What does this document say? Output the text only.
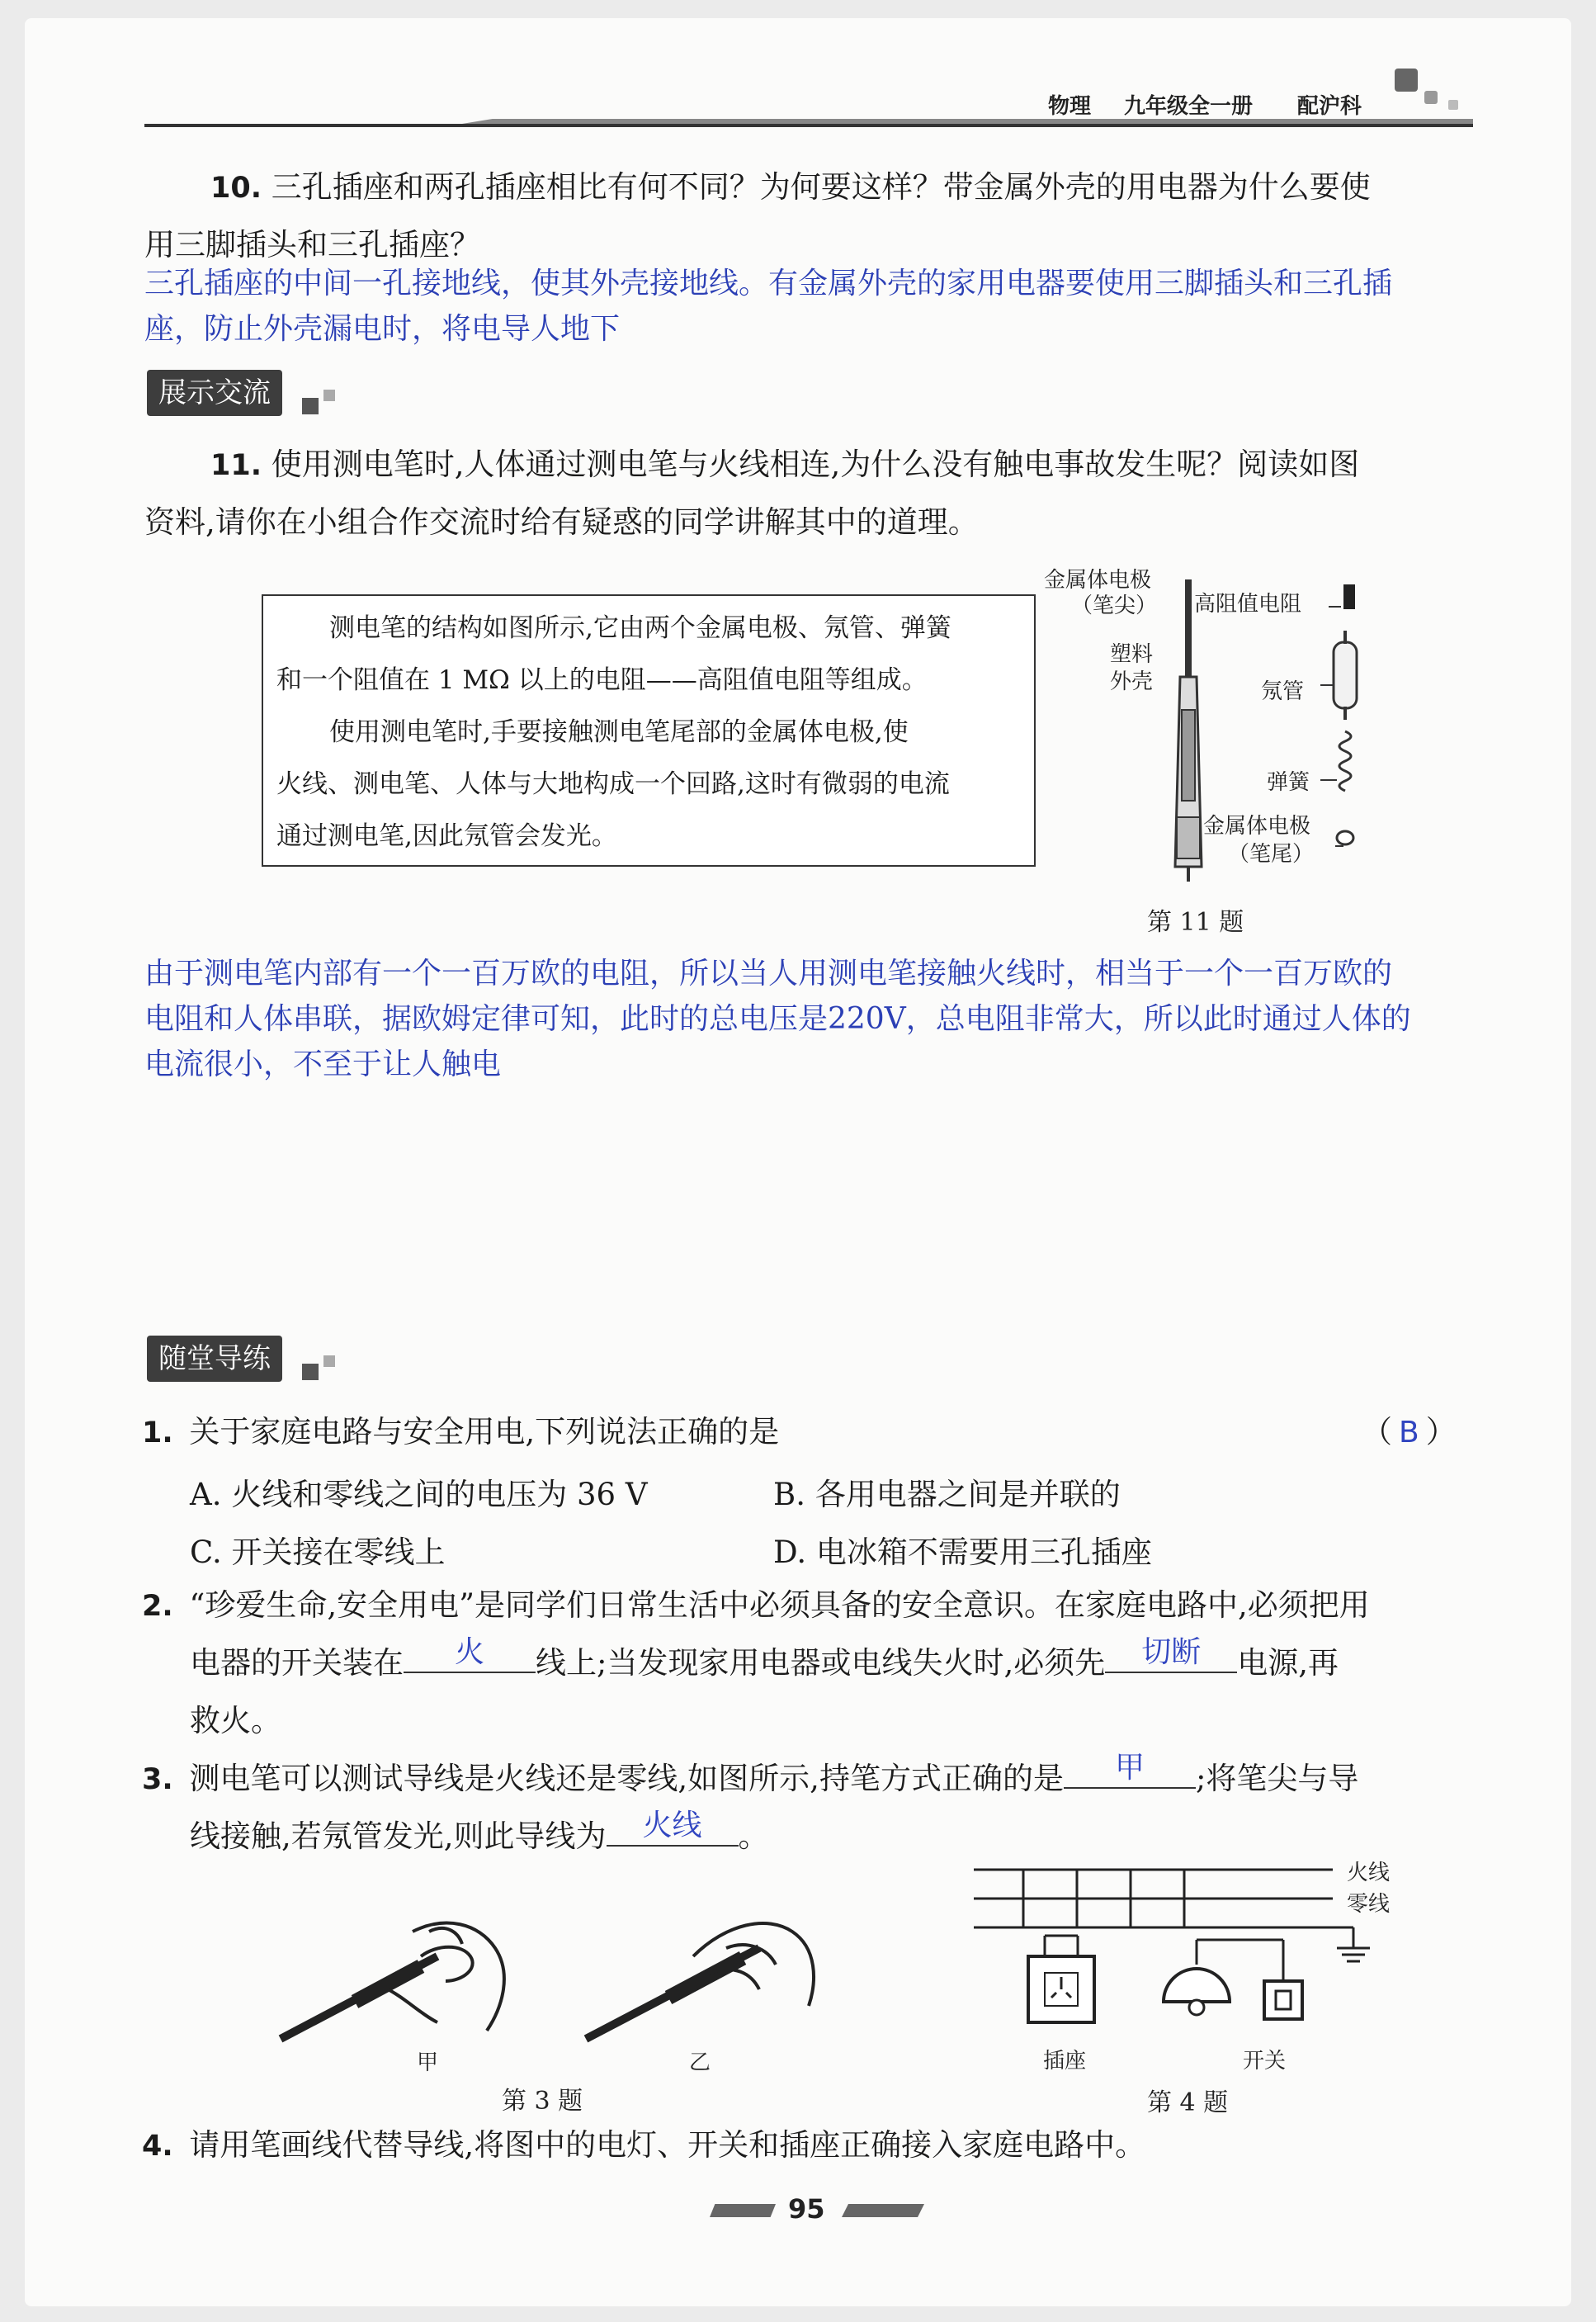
物理 九年级全一册 配沪科
10. 三孔插座和两孔插座相比有何不同？为何要这样？带金属外壳的用电器为什么要使
用三脚插头和三孔插座？
三孔插座的中间一孔接地线，使其外壳接地线。有金属外壳的家用电器要使用三脚插头和三孔插
座，防止外壳漏电时，将电导人地下
展示交流
11. 使用测电笔时,人体通过测电笔与火线相连,为什么没有触电事故发生呢？阅读如图
资料,请你在小组合作交流时给有疑惑的同学讲解其中的道理。
测电笔的结构如图所示,它由两个金属电极、氖管、弹簧
和一个阻值在 1 MΩ 以上的电阻——高阻值电阻等组成。
使用测电笔时,手要接触测电笔尾部的金属体电极,使
火线、测电笔、人体与大地构成一个回路,这时有微弱的电流
通过测电笔,因此氖管会发光。
金属体电极
（笔尖） 高阻值电阻
塑料
外壳	氖管
弹簧
金属体电极
（笔尾）
第 11 题
由于测电笔内部有一个一百万欧的电阻，所以当人用测电笔接触火线时，相当于一个一百万欧的
电阻和人体串联，据欧姆定律可知，此时的总电压是220V，总电阻非常大，所以此时通过人体的
电流很小，不至于让人触电
随堂导练
1. 关于家庭电路与安全用电,下列说法正确的是	（ B ）
A. 火线和零线之间的电压为 36 V	B. 各用电器之间是并联的
C. 开关接在零线上	D. 电冰箱不需要用三孔插座
2. “珍爱生命,安全用电”是同学们日常生活中必须具备的安全意识。在家庭电路中,必须把用
电器的开关装在	火	线上;当发现家用电器或电线失火时,必须先	切断	电源,再
救火。
3. 测电笔可以测试导线是火线还是零线,如图所示,持笔方式正确的是	甲	;将笔尖与导
线接触,若氖管发光,则此导线为	火线	。
甲	乙
第 3 题
火线
零线
插座	开关
第 4 题
4. 请用笔画线代替导线,将图中的电灯、开关和插座正确接入家庭电路中。
95
